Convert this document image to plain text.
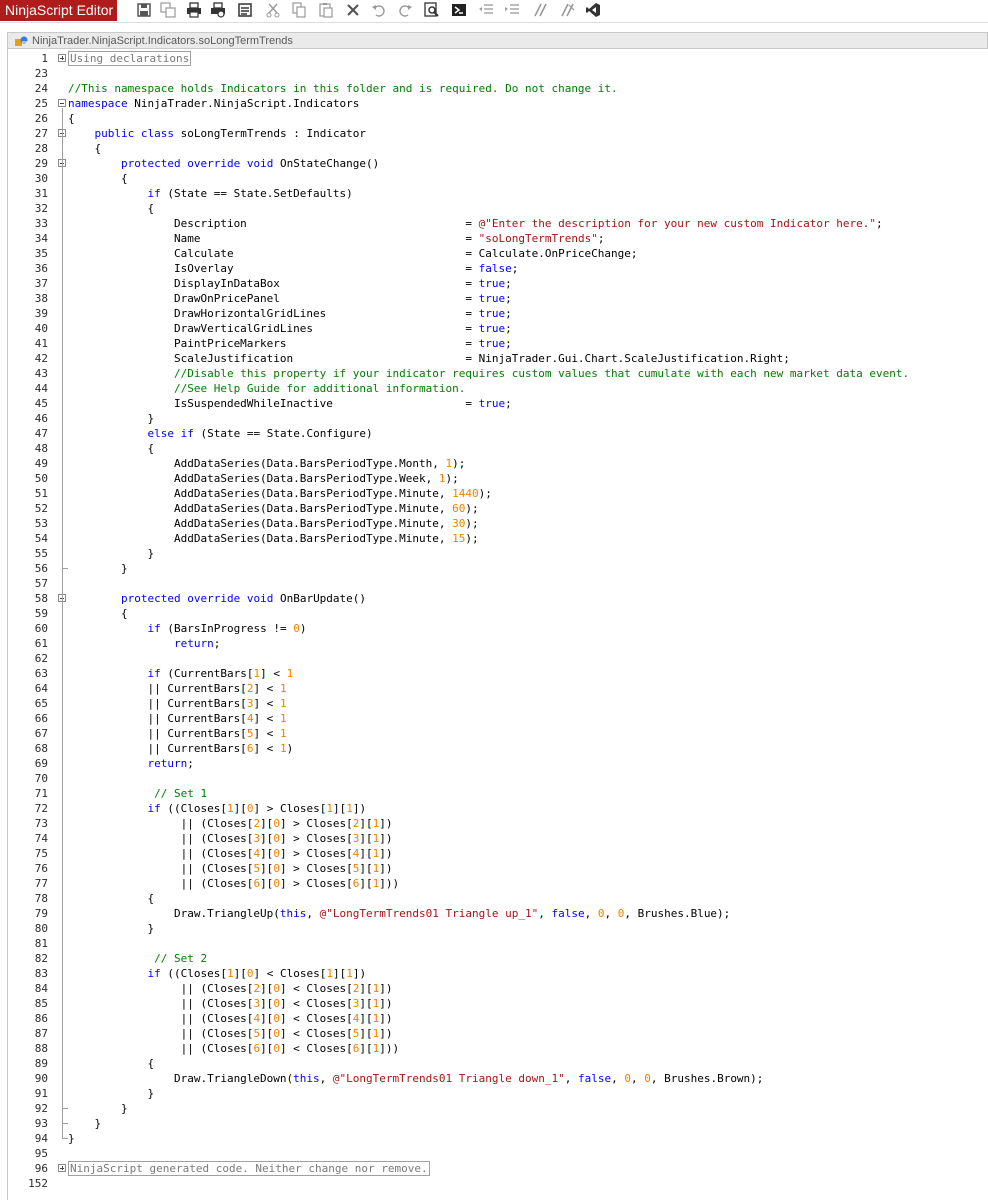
NinjaScript Editor
NinjaTrader.NinjaScript.Indicators.soLongTermTrends
1 Using declarations
23
24 //This namespace holds Indicators in this folder and is required. Do not change it.
25 namespace NinjaTrader.NinjaScript.Indicators
26 {
27	public class soLongTermTrends : Indicator
28 {
29	protected override void OnStateChange()
30 {
31	if (State == State.SetDefaults)
32 {
33 Description                                 = @"Enter the description for your new custom Indicator here.";
34 Name                                        = "soLongTermTrends";
35 Calculate                                   = Calculate.OnPriceChange;
36 IsOverlay                                   = false;
37 DisplayInDataBox                            = true;
38 DrawOnPricePanel                            = true;
39 DrawHorizontalGridLines                     = true;
40 DrawVerticalGridLines                       = true;
41 PaintPriceMarkers                           = true;
42 ScaleJustification                          = NinjaTrader.Gui.Chart.ScaleJustification.Right;
43	//Disable this property if your indicator requires custom values that cumulate with each new market data event.
44	//See Help Guide for additional information.
45 IsSuspendedWhileInactive                    = true;
46 }
47	else if (State == State.Configure)
48 {
49 AddDataSeries(Data.BarsPeriodType.Month, 1);
50 AddDataSeries(Data.BarsPeriodType.Week, 1);
51 AddDataSeries(Data.BarsPeriodType.Minute, 1440);
52 AddDataSeries(Data.BarsPeriodType.Minute, 60);
53 AddDataSeries(Data.BarsPeriodType.Minute, 30);
54 AddDataSeries(Data.BarsPeriodType.Minute, 15);
55 }
56 }
57
58	protected override void OnBarUpdate()
59 {
60	if (BarsInProgress != 0)
61	return;
62
63	if (CurrentBars[1] < 1
64 || CurrentBars[2] < 1
65 || CurrentBars[3] < 1
66 || CurrentBars[4] < 1
67 || CurrentBars[5] < 1
68 || CurrentBars[6] < 1)
69	return;
70
71	// Set 1
72	if ((Closes[1][0] > Closes[1][1])
73 || (Closes[2][0] > Closes[2][1])
74 || (Closes[3][0] > Closes[3][1])
75 || (Closes[4][0] > Closes[4][1])
76 || (Closes[5][0] > Closes[5][1])
77 || (Closes[6][0] > Closes[6][1]))
78 {
79 Draw.TriangleUp(this, @"LongTermTrends01 Triangle up_1", false, 0, 0, Brushes.Blue);
80 }
81
82	// Set 2
83	if ((Closes[1][0] < Closes[1][1])
84 || (Closes[2][0] < Closes[2][1])
85 || (Closes[3][0] < Closes[3][1])
86 || (Closes[4][0] < Closes[4][1])
87 || (Closes[5][0] < Closes[5][1])
88 || (Closes[6][0] < Closes[6][1]))
89 {
90 Draw.TriangleDown(this, @"LongTermTrends01 Triangle down_1", false, 0, 0, Brushes.Brown);
91 }
92 }
93 }
94 }
95
96 NinjaScript generated code. Neither change nor remove.
152
